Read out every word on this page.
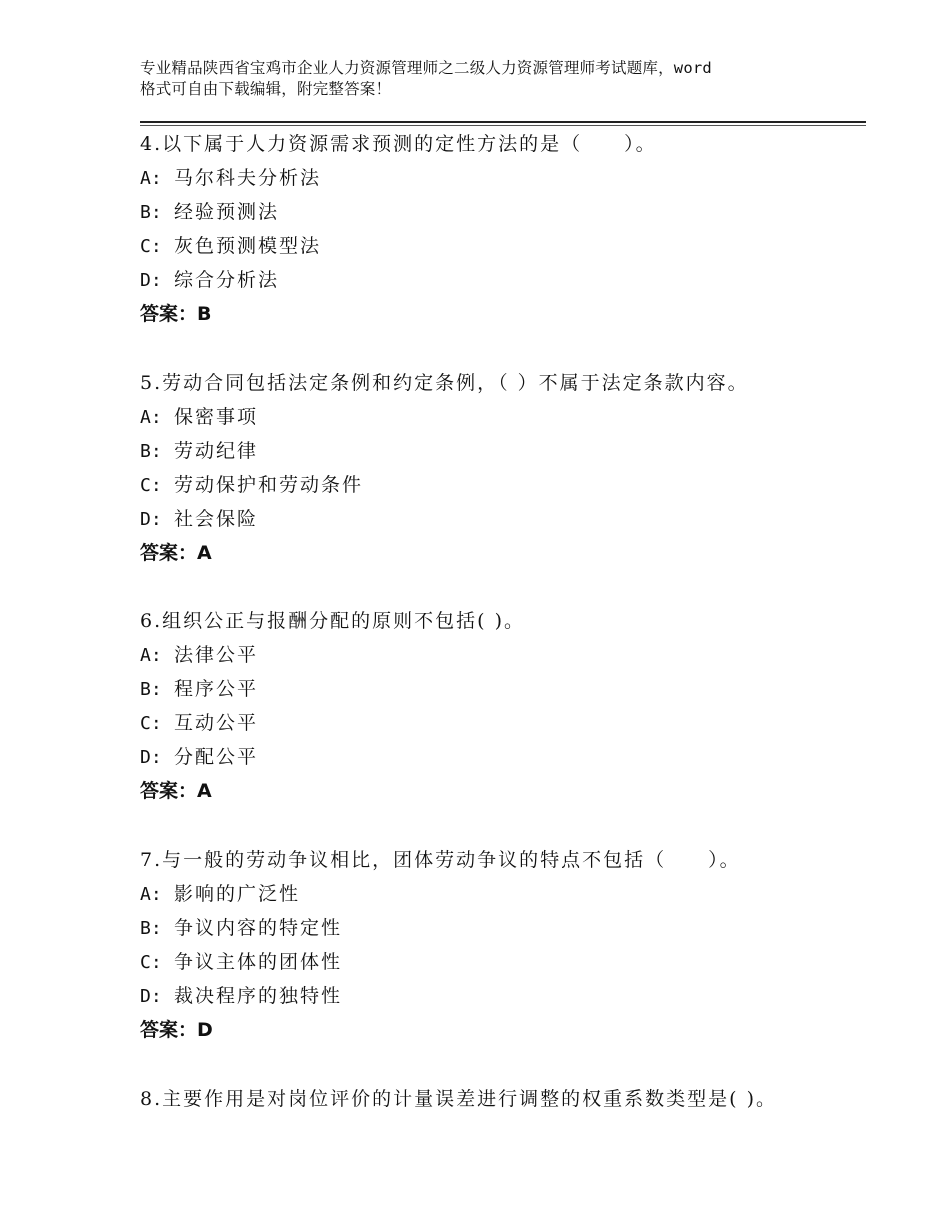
专业精品陕西省宝鸡市企业人力资源管理师之二级人力资源管理师考试题库，word
格式可自由下载编辑，附完整答案！
4.以下属于人力资源需求预测的定性方法的是（　　）。
A: 马尔科夫分析法
B: 经验预测法
C: 灰色预测模型法
D: 综合分析法
答案：B
5.劳动合同包括法定条例和约定条例，（ ）不属于法定条款内容。
A: 保密事项
B: 劳动纪律
C: 劳动保护和劳动条件
D: 社会保险
答案：A
6.组织公正与报酬分配的原则不包括( )。
A: 法律公平
B: 程序公平
C: 互动公平
D: 分配公平
答案：A
7.与一般的劳动争议相比，团体劳动争议的特点不包括（　　）。
A: 影响的广泛性
B: 争议内容的特定性
C: 争议主体的团体性
D: 裁决程序的独特性
答案：D
8.主要作用是对岗位评价的计量误差进行调整的权重系数类型是( )。
